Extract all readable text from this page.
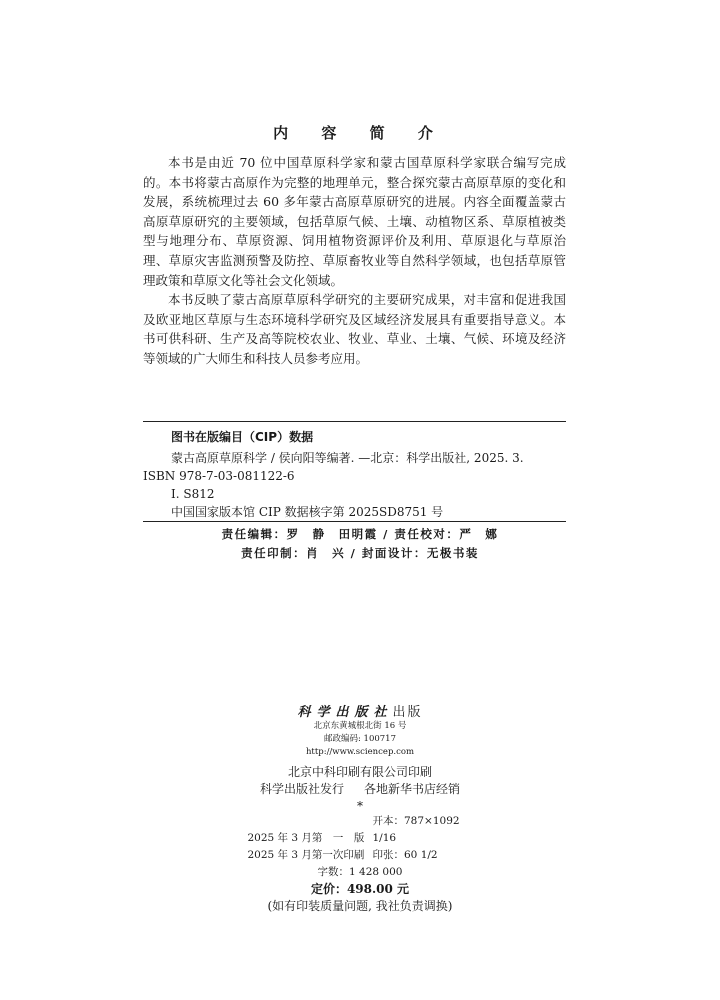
内 容 简 介

本书是由近 70 位中国草原科学家和蒙古国草原科学家联合编写完成的。本书将蒙古高原作为完整的地理单元，整合探究蒙古高原草原的变化和发展，系统梳理过去 60 多年蒙古高原草原研究的进展。内容全面覆盖蒙古高原草原研究的主要领域，包括草原气候、土壤、动植物区系、草原植被类型与地理分布、草原资源、饲用植物资源评价及利用、草原退化与草原治理、草原灾害监测预警及防控、草原畜牧业等自然科学领域，也包括草原管理政策和草原文化等社会文化领域。

本书反映了蒙古高原草原科学研究的主要研究成果，对丰富和促进我国及欧亚地区草原与生态环境科学研究及区域经济发展具有重要指导意义。本书可供科研、生产及高等院校农业、牧业、草业、土壤、气候、环境及经济等领域的广大师生和科技人员参考应用。

图书在版编目（CIP）数据
蒙古高原草原科学 / 侯向阳等编著. —北京：科学出版社, 2025. 3.
ISBN 978-7-03-081122-6
Ⅰ. S812
中国国家版本馆 CIP 数据核字第 2025SD8751 号
责任编辑：罗　静　田明霞 / 责任校对：严　娜
责任印制：肖　兴 / 封面设计：无极书装
科学出版社出版
北京东黄城根北街 16 号
邮政编码: 100717
http://www.sciencep.com
北京中科印刷有限公司印刷
科学出版社发行 各地新华书店经销
*
2025 年 3 月第　一　版开本：787×1092 1/16
2025 年 3 月第一次印刷 印张：60 1/2
字数：1 428 000
定价：498.00 元
(如有印装质量问题, 我社负责调换)
